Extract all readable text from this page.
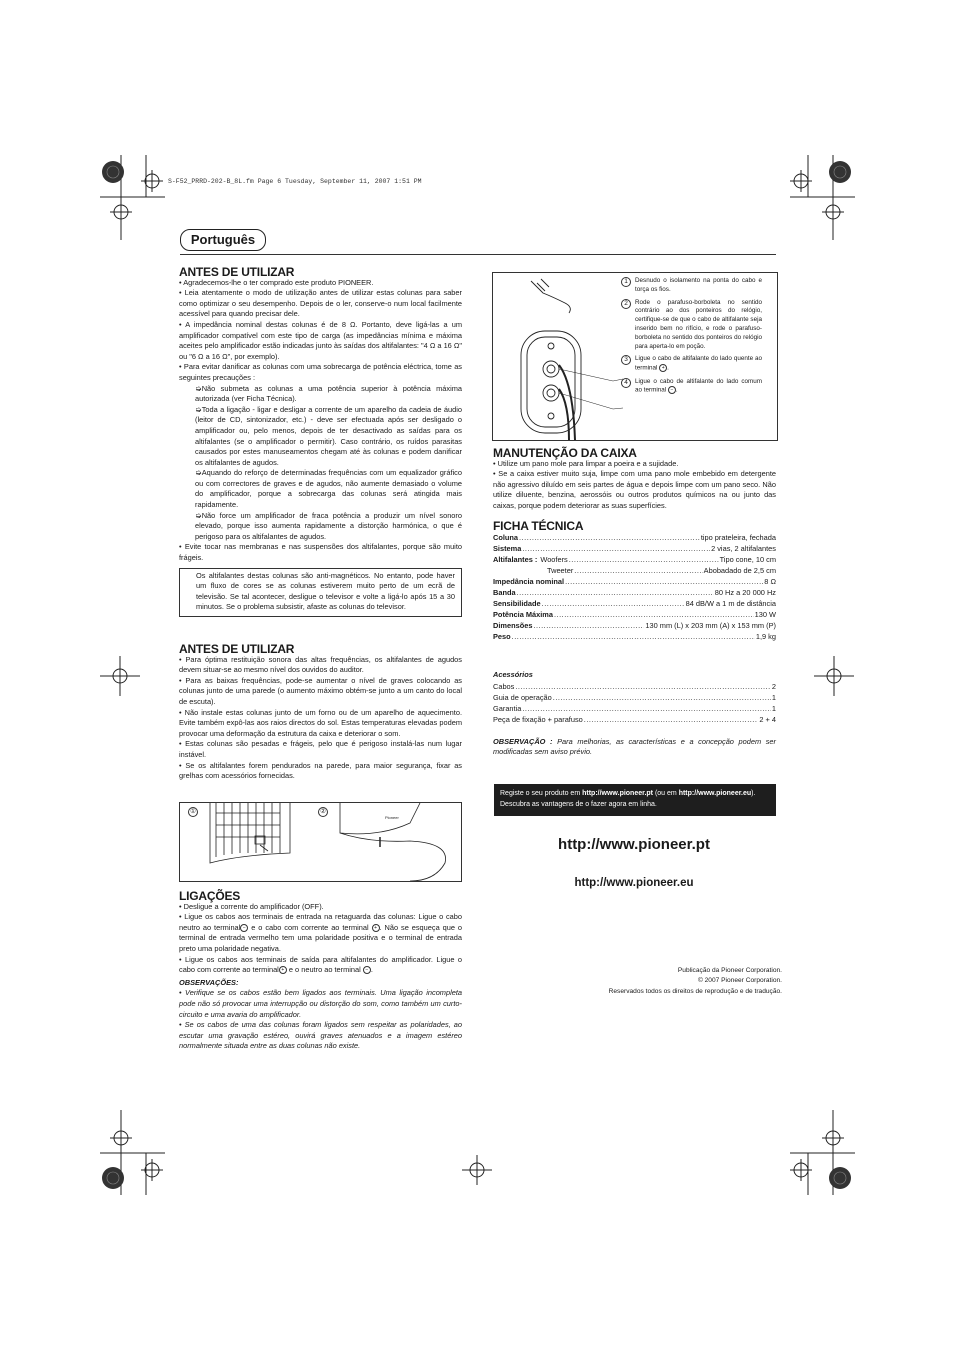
S-F52_PRRD-202-B_8L.fm Page 6 Tuesday, September 11, 2007 1:51 PM
Português
ANTES DE UTILIZAR

• Agradecemos-lhe o ter comprado este produto PIONEER.

• Leia atentamente o modo de utilização antes de utilizar estas colunas para saber como optimizar o seu desempenho. Depois de o ler, conserve-o num local facilmente acessível para quando precisar dele.

• A impedância nominal destas colunas é de 8 Ω. Portanto, deve ligá-las a um amplificador compatível com este tipo de carga (as impedâncias mínima e máxima aceites pelo amplificador estão indicadas junto às saídas dos altifalantes: "4 Ω a 16 Ω" ou "6 Ω a 16 Ω", por exemplo).

• Para evitar danificar as colunas com uma sobrecarga de potência eléctrica, tome as seguintes precauções :

➭Não submeta as colunas a uma potência superior à potência máxima autorizada (ver Ficha Técnica).

➭Toda a ligação - ligar e desligar a corrente de um aparelho da cadeia de áudio (leitor de CD, sintonizador, etc.) - deve ser efectuada após ser desligado o amplificador ou, pelo menos, depois de ter desactivado as saídas para os altifalantes (se o amplificador o permitir). Caso contrário, os ruídos parasitas causados por estes manuseamentos chegam até às colunas e podem danificar os altifalantes de agudos.

➭Aquando do reforço de determinadas frequências com um equalizador gráfico ou com correctores de graves e de agudos, não aumente demasiado o volume do amplificador, porque a sobrecarga das colunas será atingida mais rapidamente.

➭Não force um amplificador de fraca potência a produzir um nível sonoro elevado, porque isso aumenta rapidamente a distorção harmónica, o que é perigoso para os altifalantes de agudos.

• Evite tocar nas membranas e nas suspensões dos altifalantes, porque são muito frágeis.

Os altifalantes destas colunas são anti-magnéticos. No entanto, pode haver um fluxo de cores se as colunas estiverem muito perto de um ecrã de televisão. Se tal acontecer, desligue o televisor e volte a ligá-lo após 15 a 30 minutos. Se o problema subsistir, afaste as colunas do televisor.

ANTES DE UTILIZAR

• Para óptima restituição sonora das altas frequências, os altifalantes de agudos devem situar-se ao mesmo nível dos ouvidos do auditor.

• Para as baixas frequências, pode-se aumentar o nível de graves colocando as colunas junto de uma parede (o aumento máximo obtém-se junto a um canto do local de escuta).

• Não instale estas colunas junto de um forno ou de um aparelho de aquecimento. Evite também expô-las aos raios directos do sol. Estas temperaturas elevadas podem provocar uma deformação da estrutura da caixa e deteriorar o som.

• Estas colunas são pesadas e frágeis, pelo que é perigoso instalá-las num lugar instável.

• Se os altifalantes forem pendurados na parede, para maior segurança, fixar as grelhas com acessórios fornecidas.

①	②
Pioneer
LIGAÇÕES

• Desligue a corrente do amplificador (OFF).

• Ligue os cabos aos terminais de entrada na retaguarda das colunas: Ligue o cabo neutro ao terminal − e o cabo com corrente ao terminal + . Não se esqueça que o terminal de entrada vermelho tem uma polaridade positiva e o terminal de entrada preto uma polaridade negativa.

• Ligue os cabos aos terminais de saída para altifalantes do amplificador. Ligue o cabo com corrente ao terminal + e o neutro ao terminal − .

OBSERVAÇÕES:

• Verifique se os cabos estão bem ligados aos terminais. Uma ligação incompleta pode não só provocar uma interrupção ou distorção do som, como também um curto-circuito e uma avaria do amplificador.

• Se os cabos de uma das colunas foram ligados sem respeitar as polaridades, ao escutar uma gravação estéreo, ouvirá graves atenuados e a imagem estéreo normalmente situada entre as duas colunas não existe.

1	Desnudo o isolamento na ponta do cabo e torça os fios.
2	Rode o parafuso-borboleta no sentido contrário ao dos ponteiros do relógio, certifique-se de que o cabo de altifalante seja inserido bem no rifício, e rode o parafuso-borboleta no sentido dos ponteiros do relógio para aperta-lo em poção.
3	Ligue o cabo de altifalante do lado quente ao terminal + .
4	Ligue o cabo de altifalante do lado comum ao terminal − .
MANUTENÇÃO DA CAIXA

• Utilize um pano mole para limpar a poeira e a sujidade.

• Se a caixa estiver muito suja, limpe com uma pano mole embebido em detergente não agressivo diluído em seis partes de água e depois limpe com um pano seco. Não utilize diluente, benzina, aerossóis ou outros produtos químicos na ou junto das caixas, porque podem deteriorar as suas superfícies.

FICHA TÉCNICA
Coluna .....	tipo prateleira, fechada
Sistema .....	2 vias, 2 altifalantes
Altifalantes : Woofers .....	Tipo cone, 10 cm
Tweeter .....	Abobadado de 2,5 cm
Impedância nominal .....	8 Ω
Banda .....	80 Hz a 20 000 Hz
Sensibilidade .....	84 dB/W a 1 m de distância
Potência Máxima .....	130 W
Dimensões .....	130 mm (L) x 203 mm (A) x 153 mm (P)
Peso .....	1,9 kg

Acessórios

Cabos .....	2
Guia de operação .....	1
Garantia .....	1
Peça de fixação + parafuso .....	2 + 4

OBSERVAÇÃO : Para melhorias, as características e a concepção podem ser modificadas sem aviso prévio.

Registe o seu produto em http://www.pioneer.pt (ou em http://www.pioneer.eu).
Descubra as vantagens de o fazer agora em linha.
http://www.pioneer.pt
http://www.pioneer.eu
Publicação da Pioneer Corporation.
© 2007 Pioneer Corporation.
Reservados todos os direitos de reprodução e de tradução.
